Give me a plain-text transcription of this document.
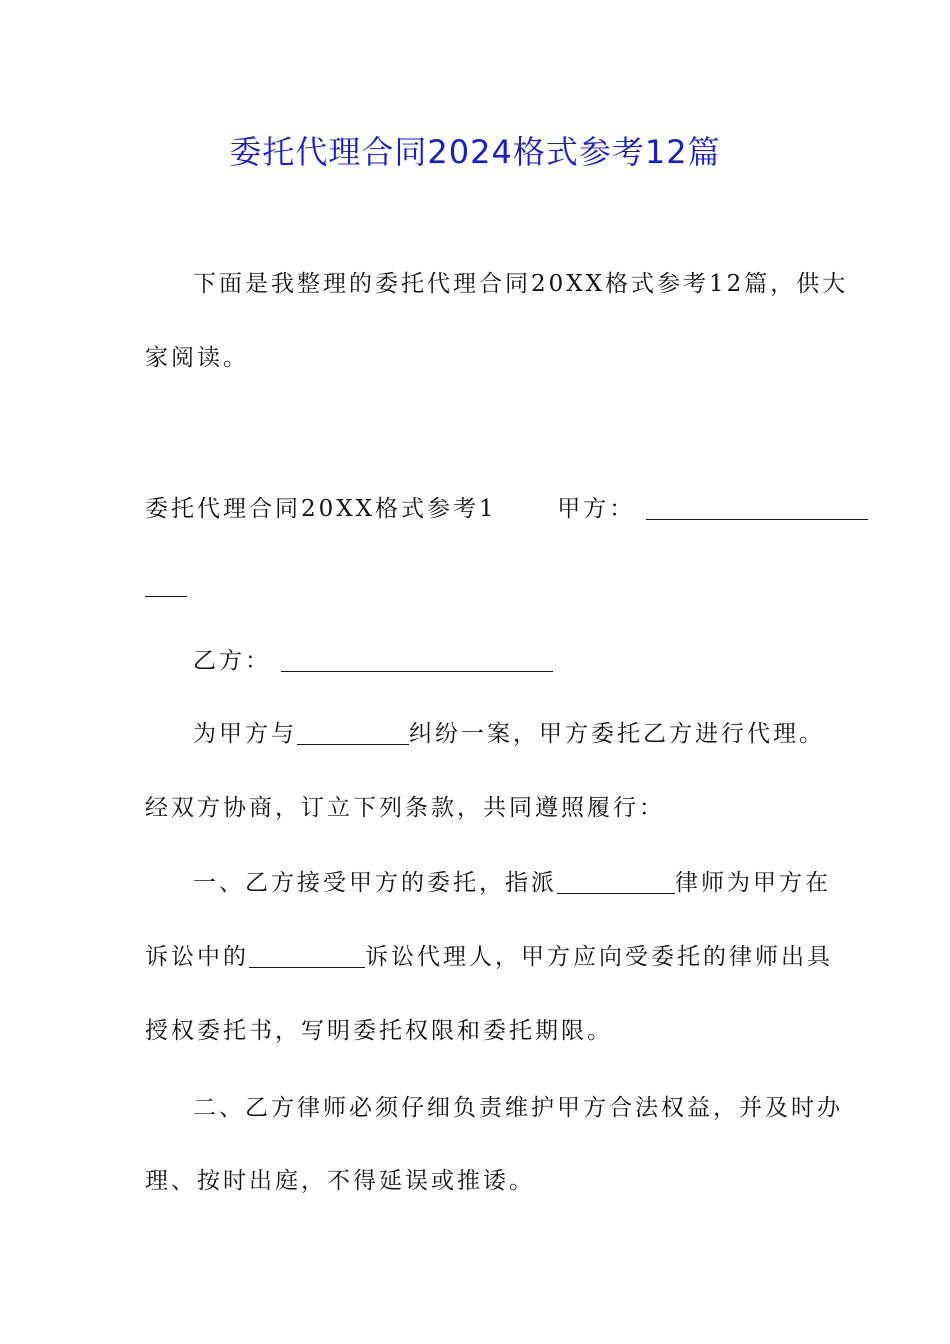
委托代理合同2024格式参考12篇
下面是我整理的委托代理合同20XX格式参考12篇，供大
家阅读。
委托代理合同20XX格式参考1	甲方：
乙方：
为甲方与	纠纷一案，甲方委托乙方进行代理。
经双方协商，订立下列条款，共同遵照履行：
一、乙方接受甲方的委托，指派	律师为甲方在
诉讼中的	诉讼代理人，甲方应向受委托的律师出具
授权委托书，写明委托权限和委托期限。
二、乙方律师必须仔细负责维护甲方合法权益，并及时办
理、按时出庭，不得延误或推诿。
